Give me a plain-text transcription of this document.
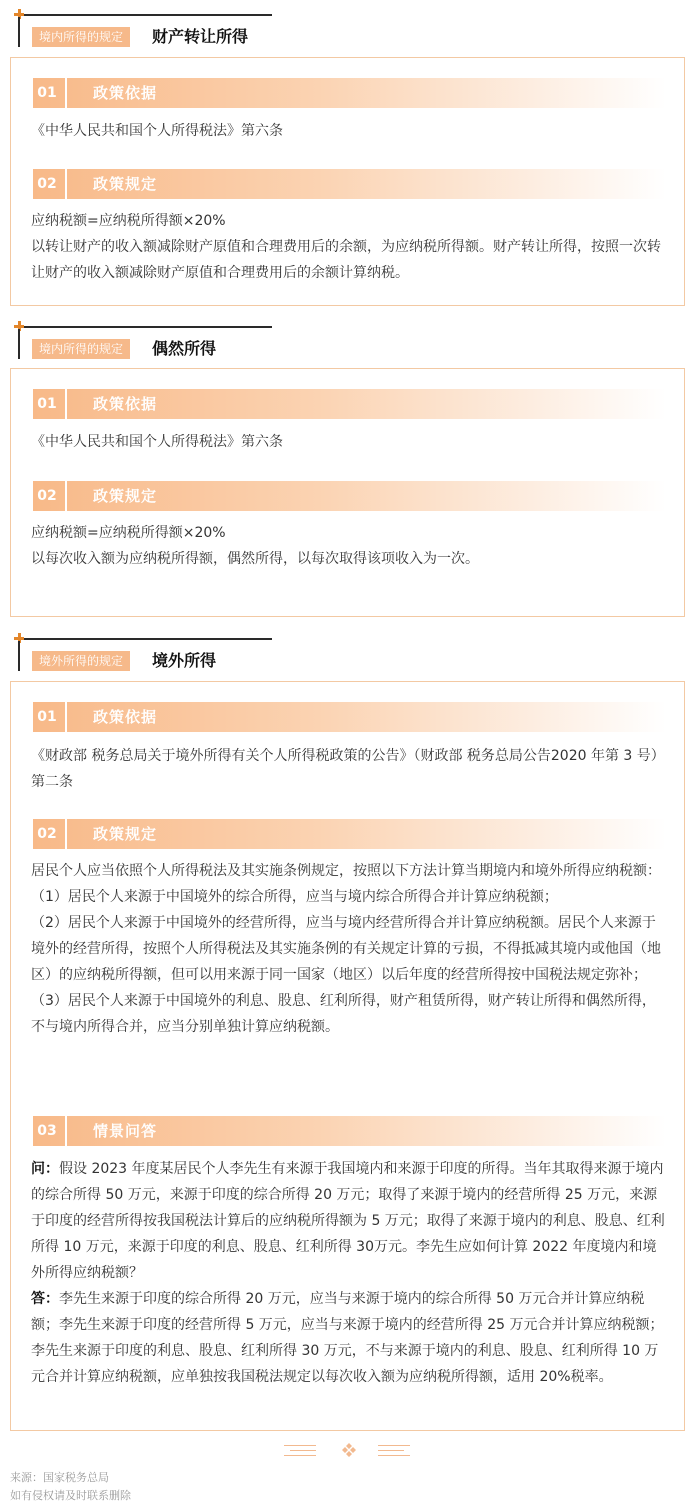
境内所得的规定	财产转让所得
01 政策依据

《中华人民共和国个人所得税法》第六条

02 政策规定

应纳税额=应纳税所得额×20%

以转让财产的收入额减除财产原值和合理费用后的余额，为应纳税所得额。财产转让所得，按照一次转让财产的收入额减除财产原值和合理费用后的余额计算纳税。

境内所得的规定	偶然所得
01 政策依据

《中华人民共和国个人所得税法》第六条

02 政策规定

应纳税额=应纳税所得额×20%

以每次收入额为应纳税所得额，偶然所得，以每次取得该项收入为一次。

境外所得的规定	境外所得
01 政策依据

《财政部 税务总局关于境外所得有关个人所得税政策的公告》（财政部 税务总局公告2020 年第 3 号）第二条

02 政策规定

居民个人应当依照个人所得税法及其实施条例规定，按照以下方法计算当期境内和境外所得应纳税额：

（1）居民个人来源于中国境外的综合所得，应当与境内综合所得合并计算应纳税额；

（2）居民个人来源于中国境外的经营所得，应当与境内经营所得合并计算应纳税额。居民个人来源于境外的经营所得，按照个人所得税法及其实施条例的有关规定计算的亏损，不得抵减其境内或他国（地区）的应纳税所得额，但可以用来源于同一国家（地区）以后年度的经营所得按中国税法规定弥补；

（3）居民个人来源于中国境外的利息、股息、红利所得，财产租赁所得，财产转让所得和偶然所得，不与境内所得合并，应当分别单独计算应纳税额。

03 情景问答

问：假设 2023 年度某居民个人李先生有来源于我国境内和来源于印度的所得。当年其取得来源于境内的综合所得 50 万元，来源于印度的综合所得 20 万元；取得了来源于境内的经营所得 25 万元，来源于印度的经营所得按我国税法计算后的应纳税所得额为 5 万元；取得了来源于境内的利息、股息、红利所得 10 万元，来源于印度的利息、股息、红利所得 30万元。李先生应如何计算 2022 年度境内和境外所得应纳税额？

答：李先生来源于印度的综合所得 20 万元，应当与来源于境内的综合所得 50 万元合并计算应纳税额；李先生来源于印度的经营所得 5 万元，应当与来源于境内的经营所得 25 万元合并计算应纳税额；李先生来源于印度的利息、股息、红利所得 30 万元，不与来源于境内的利息、股息、红利所得 10 万元合并计算应纳税额，应单独按我国税法规定以每次收入额为应纳税所得额，适用 20%税率。

来源：国家税务总局
如有侵权请及时联系删除
